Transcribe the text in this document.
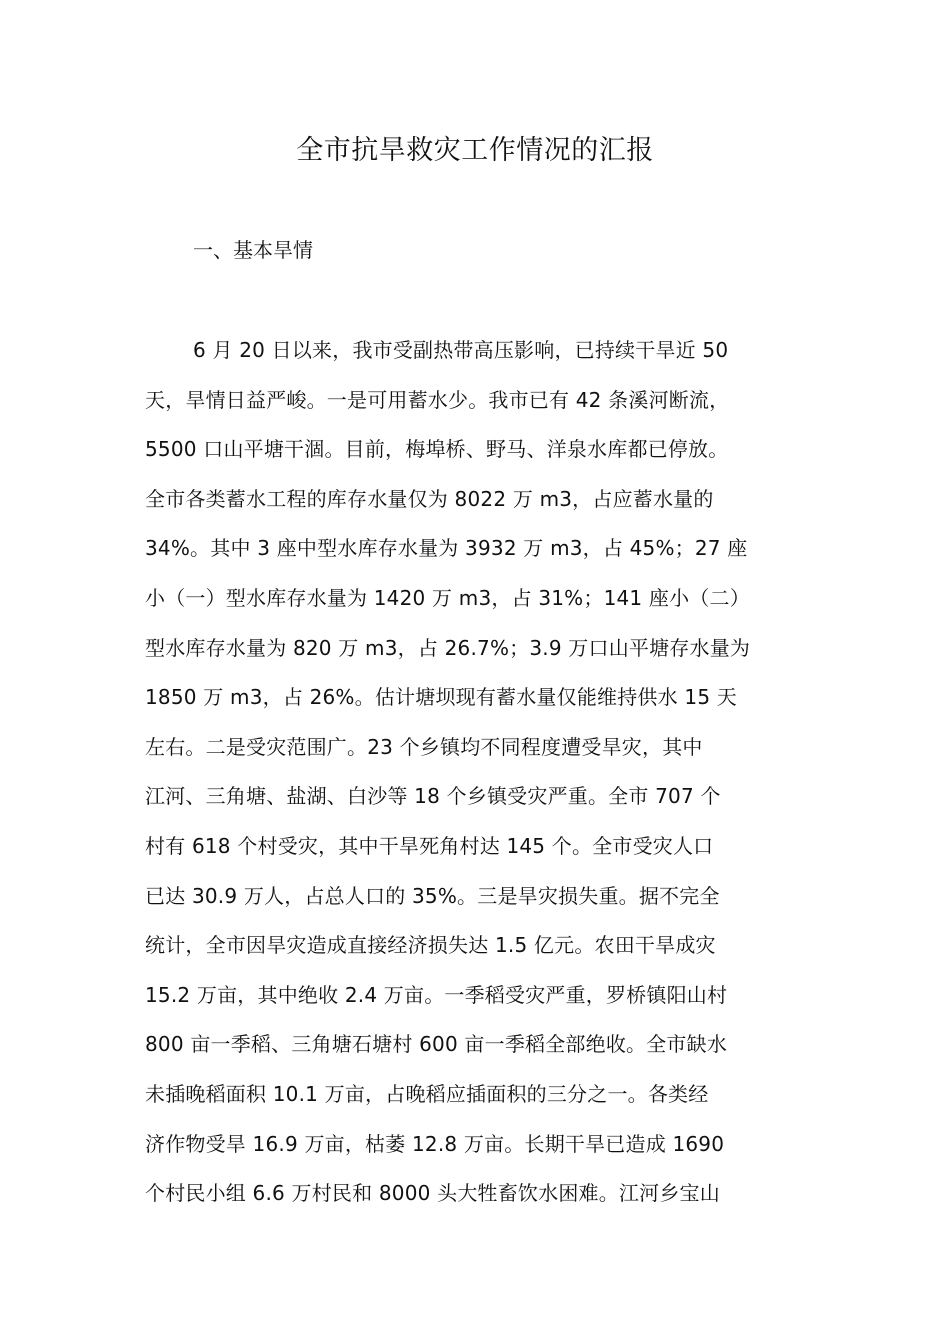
全市抗旱救灾工作情况的汇报
一、基本旱情
6 月 20 日以来，我市受副热带高压影响，已持续干旱近 50
天，旱情日益严峻。一是可用蓄水少。我市已有 42 条溪河断流，
5500 口山平塘干涸。目前，梅埠桥、野马、洋泉水库都已停放。
全市各类蓄水工程的库存水量仅为 8022 万 m3，占应蓄水量的
34%。其中 3 座中型水库存水量为 3932 万 m3，占 45%；27 座
小（一）型水库存水量为 1420 万 m3，占 31%；141 座小（二）
型水库存水量为 820 万 m3，占 26.7%；3.9 万口山平塘存水量为
1850 万 m3，占 26%。估计塘坝现有蓄水量仅能维持供水 15 天
左右。二是受灾范围广。23 个乡镇均不同程度遭受旱灾，其中
江河、三角塘、盐湖、白沙等 18 个乡镇受灾严重。全市 707 个
村有 618 个村受灾，其中干旱死角村达 145 个。全市受灾人口
已达 30.9 万人，占总人口的 35%。三是旱灾损失重。据不完全
统计，全市因旱灾造成直接经济损失达 1.5 亿元。农田干旱成灾
15.2 万亩，其中绝收 2.4 万亩。一季稻受灾严重，罗桥镇阳山村
800 亩一季稻、三角塘石塘村 600 亩一季稻全部绝收。全市缺水
未插晚稻面积 10.1 万亩，占晚稻应插面积的三分之一。各类经
济作物受旱 16.9 万亩，枯萎 12.8 万亩。长期干旱已造成 1690
个村民小组 6.6 万村民和 8000 头大牲畜饮水困难。江河乡宝山
